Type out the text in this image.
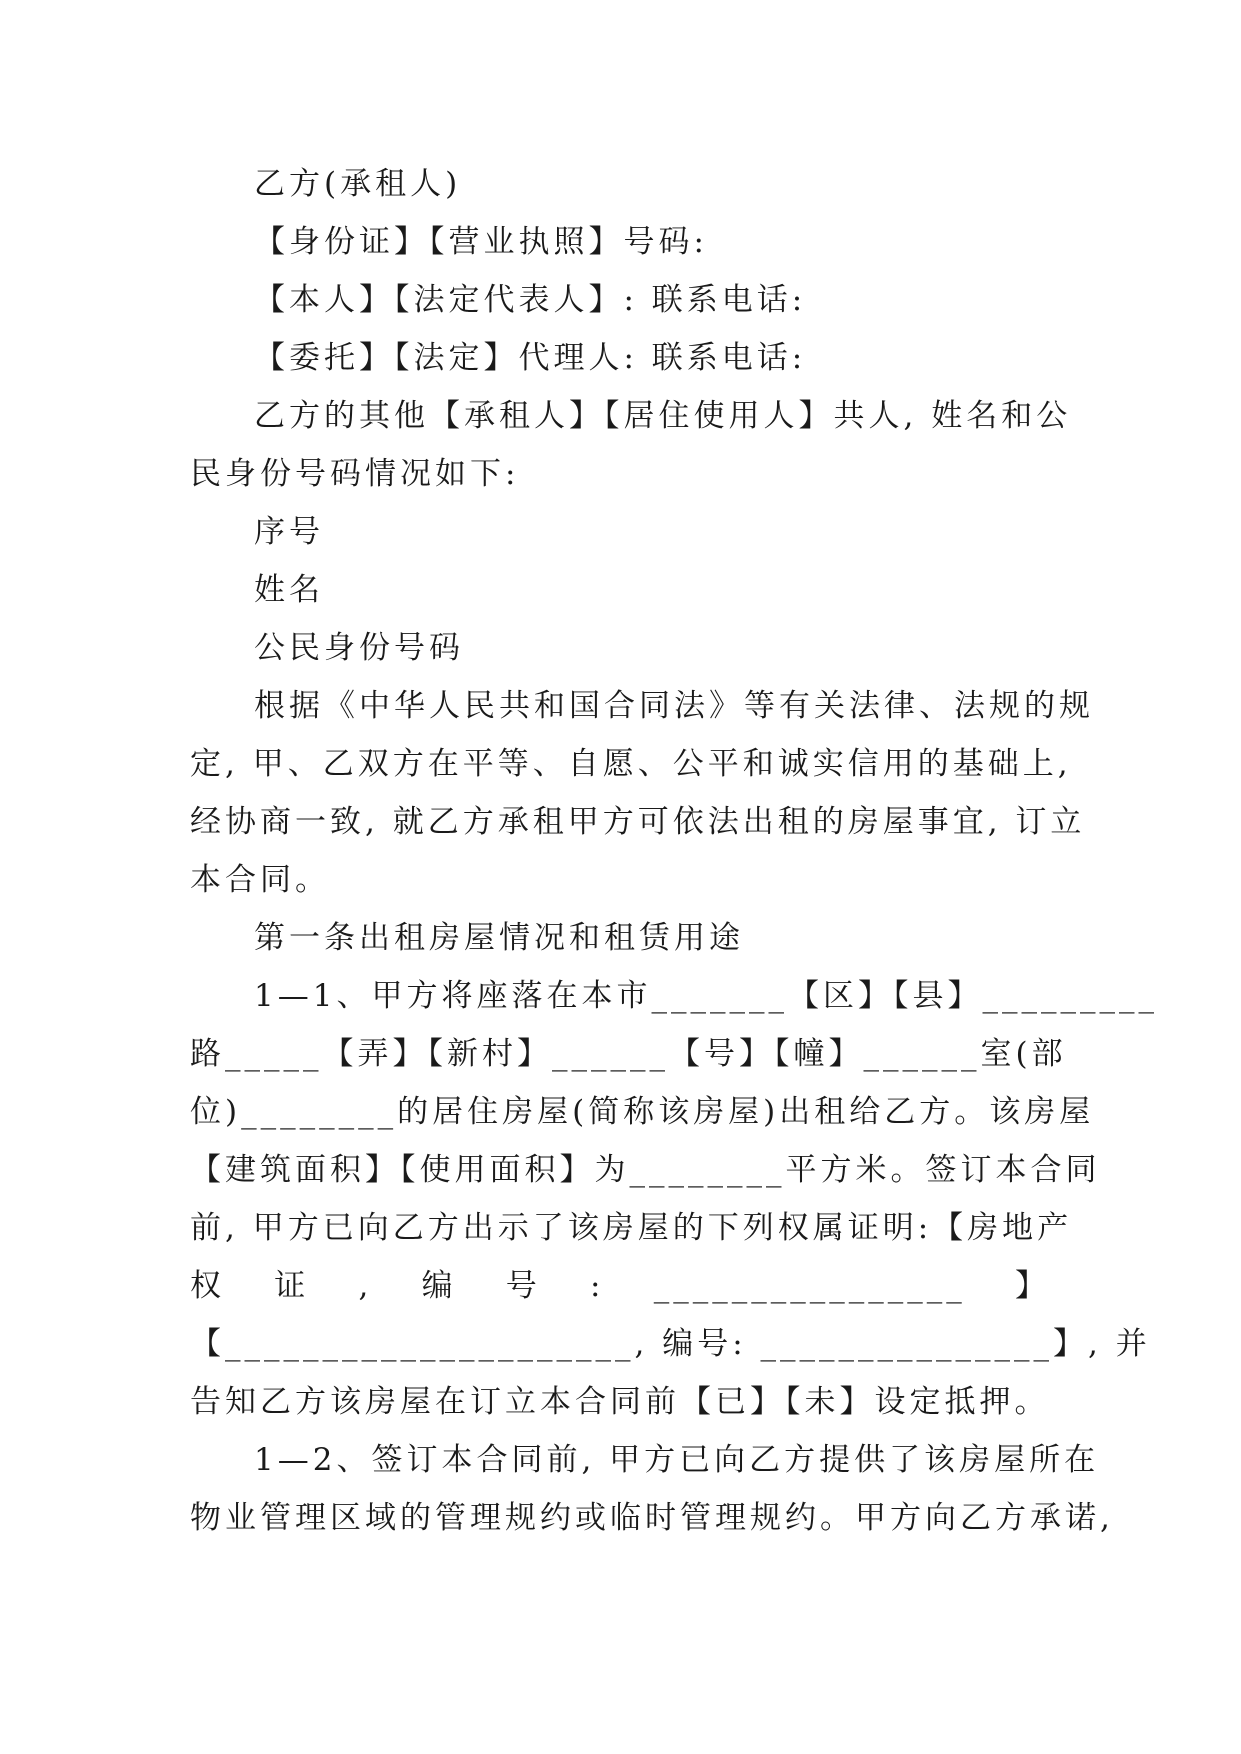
乙方(承租人)
【身份证】【营业执照】号码:
【本人】【法定代表人】: 联系电话:
【委托】【法定】代理人: 联系电话:
乙方的其他【承租人】【居住使用人】共人, 姓名和公
民身份号码情况如下:
序号
姓名
公民身份号码
根据《中华人民共和国合同法》等有关法律、法规的规
定, 甲、乙双方在平等、自愿、公平和诚实信用的基础上,
经协商一致, 就乙方承租甲方可依法出租的房屋事宜, 订立
本合同。
第一条出租房屋情况和租赁用途
1—1、甲方将座落在本市_______【区】【县】_________
路_____【弄】【新村】______【号】【幢】______室(部
位)________的居住房屋(简称该房屋)出租给乙方。该房屋
【建筑面积】【使用面积】为________平方米。签订本合同
前, 甲方已向乙方出示了该房屋的下列权属证明:【房地产
权 证 , 编 号 : ________________ 】
【_____________________, 编号: _______________】, 并
告知乙方该房屋在订立本合同前【已】【未】设定抵押。
1—2、签订本合同前, 甲方已向乙方提供了该房屋所在
物业管理区域的管理规约或临时管理规约。甲方向乙方承诺,
